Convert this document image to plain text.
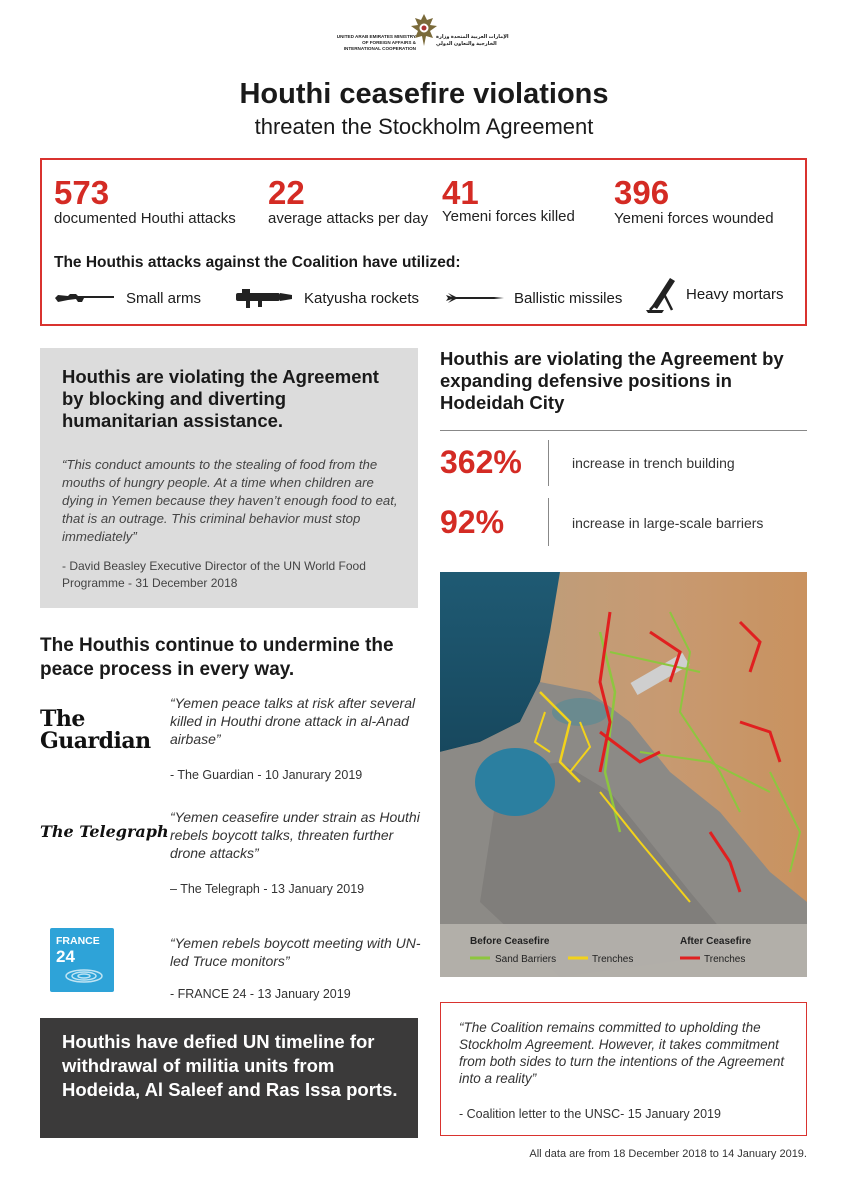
UNITED ARAB EMIRATES MINISTRY OF FOREIGN AFFAIRS & INTERNATIONAL COOPERATION
الإمارات العربية المتحدة وزارة الخارجية والتعاون الدولي
Houthi ceasefire violations
threaten the Stockholm Agreement
573
documented Houthi attacks
22
average attacks per day
41
Yemeni forces killed
396
Yemeni forces wounded
The Houthis attacks against the Coalition have utilized:
Small arms	Katyusha rockets	Ballistic missiles	Heavy mortars
Houthis are violating the Agreement by blocking and diverting humanitarian assistance.
“This conduct amounts to the stealing of food from the mouths of hungry people. At a time when children are dying in Yemen because they haven’t enough food to eat, that is an outrage. This criminal behavior must stop immediately”
- David Beasley Executive Director of the UN World Food Programme - 31 December 2018
Houthis are violating the Agreement by expanding defensive positions in Hodeidah City
362%	increase in trench building
92%	increase in large-scale barriers
Before Ceasefire
Sand Barriers	Trenches
After Ceasefire
Trenches
The Houthis continue to undermine the peace process in every way.
The Guardian
“Yemen peace talks at risk after several killed in Houthi drone attack in al-Anad airbase”
- The Guardian - 10 Janurary 2019
The Telegraph
“Yemen ceasefire under strain as Houthi rebels boycott talks, threaten further drone attacks”
– The Telegraph - 13 January 2019
FRANCE
24
“Yemen rebels boycott meeting with UN-led Truce monitors”
- FRANCE 24 - 13 January 2019
Houthis have defied UN timeline for withdrawal of militia units from Hodeida, Al Saleef and Ras Issa ports.
“The Coalition remains committed to upholding the Stockholm Agreement. However, it takes commitment from both sides to turn the intentions of the Agreement into a reality”
- Coalition letter to the UNSC- 15 January 2019
All data are from 18 December 2018 to 14 January 2019.
